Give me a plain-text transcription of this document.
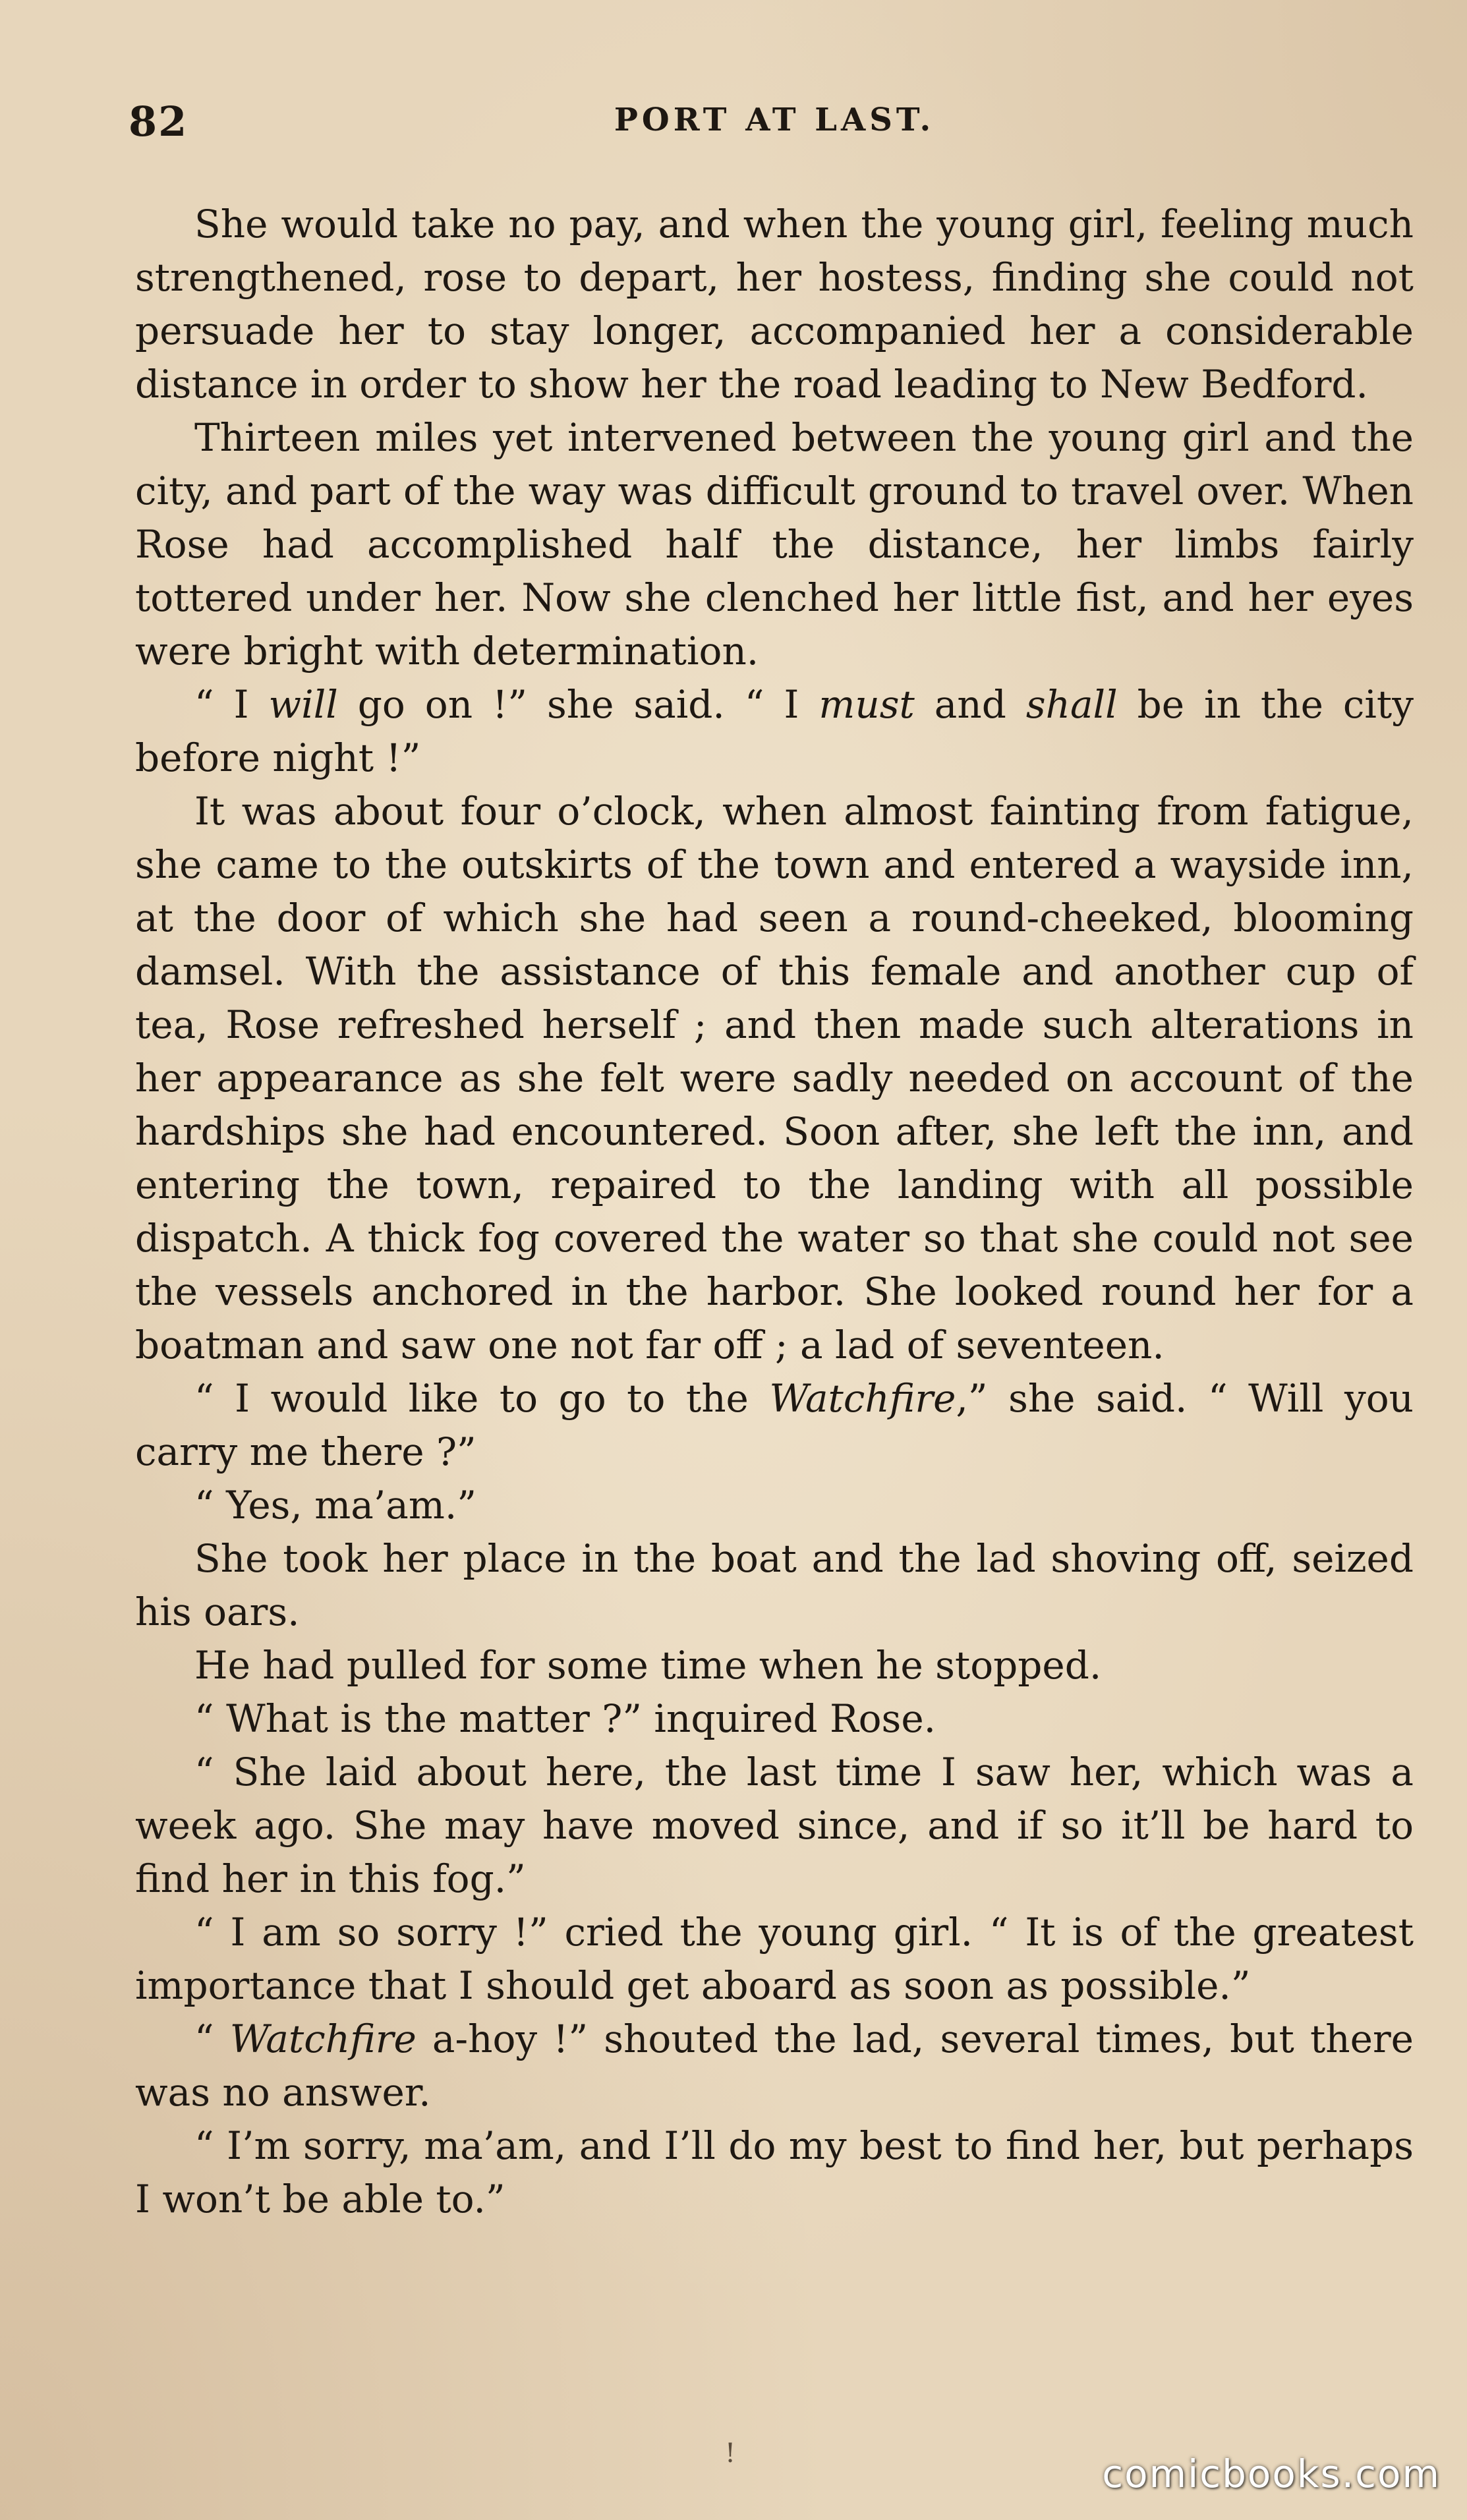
82	PORT AT LAST.

She would take no pay, and when the young girl, feeling much strengthened, rose to depart, her hostess, finding she could not persuade her to stay longer, accompanied her a considerable distance in order to show her the road leading to New Bedford.

Thirteen miles yet intervened between the young girl and the city, and part of the way was difficult ground to travel over. When Rose had accomplished half the distance, her limbs fairly tottered under her. Now she clenched her little fist, and her eyes were bright with determination.

“ I will go on !” she said. “ I must and shall be in the city before night !”

It was about four o’clock, when almost fainting from fatigue, she came to the outskirts of the town and entered a wayside inn, at the door of which she had seen a round-cheeked, blooming damsel. With the assistance of this female and another cup of tea, Rose refreshed herself ; and then made such alterations in her appearance as she felt were sadly needed on account of the hardships she had encountered. Soon after, she left the inn, and entering the town, repaired to the landing with all possible dispatch. A thick fog covered the water so that she could not see the vessels anchored in the harbor. She looked round her for a boatman and saw one not far off ; a lad of seventeen.

“ I would like to go to the Watchfire,” she said. “ Will you carry me there ?”

“ Yes, ma’am.”

She took her place in the boat and the lad shoving off, seized his oars.

He had pulled for some time when he stopped.

“ What is the matter ?” inquired Rose.

“ She laid about here, the last time I saw her, which was a week ago. She may have moved since, and if so it’ll be hard to find her in this fog.”

“ I am so sorry !” cried the young girl. “ It is of the greatest importance that I should get aboard as soon as possible.”

“ Watchfire a-hoy !” shouted the lad, several times, but there was no answer.

“ I’m sorry, ma’am, and I’ll do my best to find her, but perhaps I won’t be able to.”

!	comicbooks.com
